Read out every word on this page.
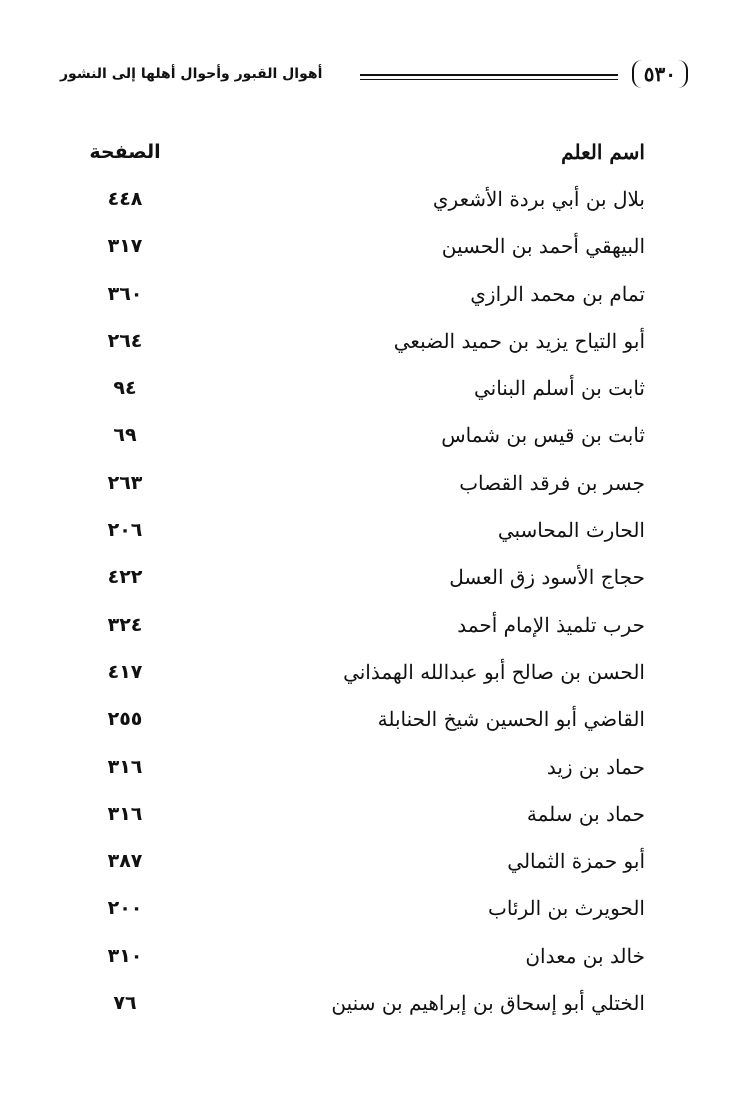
٥٣٠
أهوال القبور وأحوال أهلها إلى النشور
اسم العلم
الصفحة
بلال بن أبي بردة الأشعري
٤٤٨
البيهقي أحمد بن الحسين
٣١٧
تمام بن محمد الرازي
٣٦٠
أبو التياح يزيد بن حميد الضبعي
٢٦٤
ثابت بن أسلم البناني
٩٤
ثابت بن قيس بن شماس
٦٩
جسر بن فرقد القصاب
٢٦٣
الحارث المحاسبي
٢٠٦
حجاج الأسود زق العسل
٤٢٢
حرب تلميذ الإمام أحمد
٣٢٤
الحسن بن صالح أبو عبدالله الهمذاني
٤١٧
القاضي أبو الحسين شيخ الحنابلة
٢٥٥
حماد بن زيد
٣١٦
حماد بن سلمة
٣١٦
أبو حمزة الثمالي
٣٨٧
الحويرث بن الرئاب
٢٠٠
خالد بن معدان
٣١٠
الختلي أبو إسحاق بن إبراهيم بن سنين
٧٦
